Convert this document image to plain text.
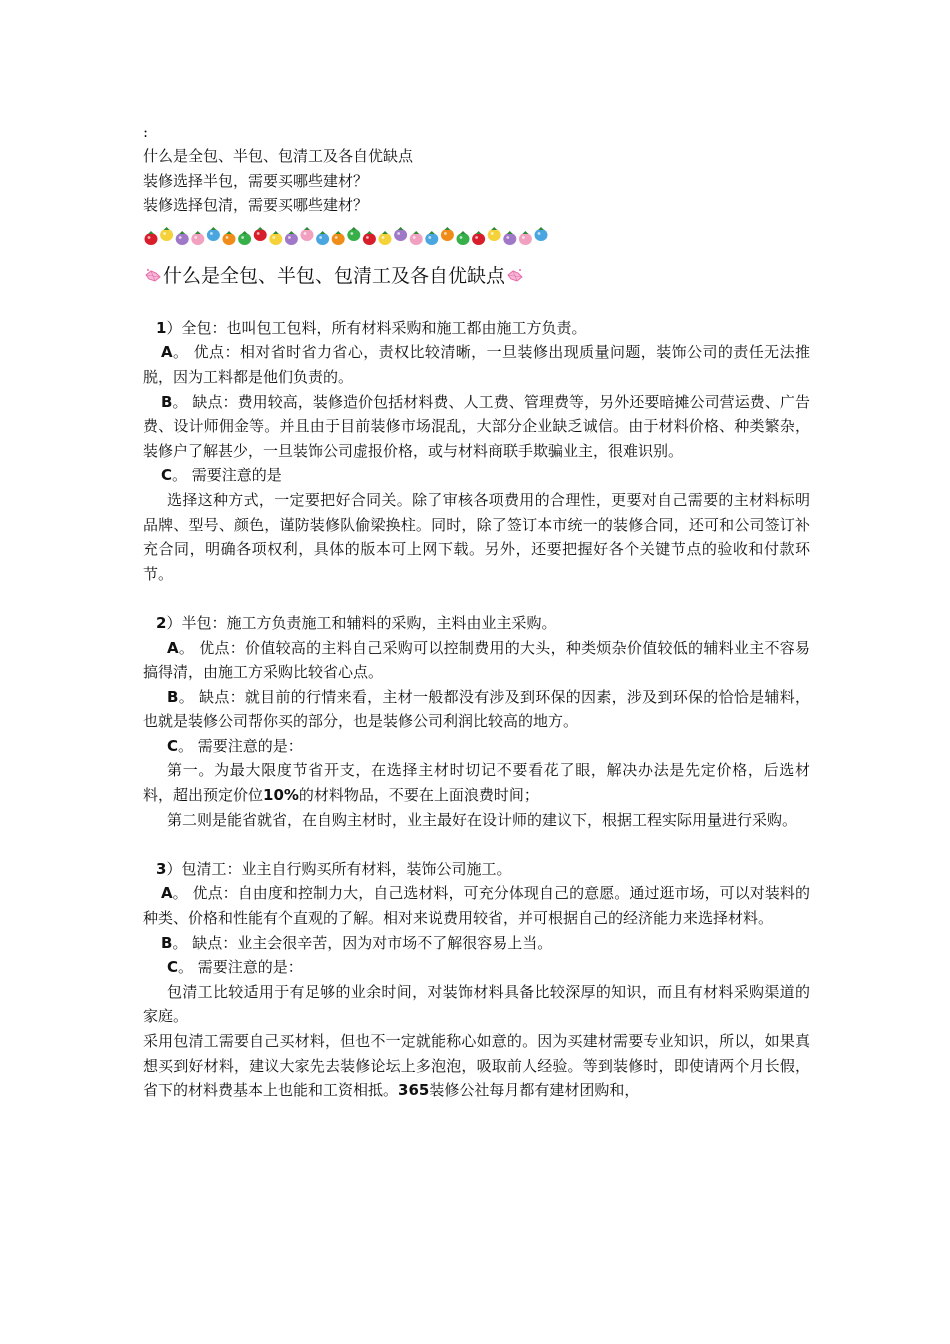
:

什么是全包、半包、包清工及各自优缺点

装修选择半包，需要买哪些建材？

装修选择包清，需要买哪些建材？

什么是全包、半包、包清工及各自优缺点

1）全包：也叫包工包料，所有材料采购和施工都由施工方负责。

A。 优点：相对省时省力省心，责权比较清晰，一旦装修出现质量问题，装饰公司的责任无法推脱，因为工料都是他们负责的。

B。 缺点：费用较高，装修造价包括材料费、人工费、管理费等，另外还要暗摊公司营运费、广告费、设计师佣金等。并且由于目前装修市场混乱，大部分企业缺乏诚信。由于材料价格、种类繁杂，装修户了解甚少，一旦装饰公司虚报价格，或与材料商联手欺骗业主，很难识别。

C。 需要注意的是

选择这种方式，一定要把好合同关。除了审核各项费用的合理性，更要对自己需要的主材料标明品牌、型号、颜色，谨防装修队偷梁换柱。同时，除了签订本市统一的装修合同，还可和公司签订补充合同，明确各项权利，具体的版本可上网下载。另外，还要把握好各个关键节点的验收和付款环节。

2）半包：施工方负责施工和辅料的采购，主料由业主采购。

A。 优点：价值较高的主料自己采购可以控制费用的大头，种类烦杂价值较低的辅料业主不容易搞得清，由施工方采购比较省心点。

B。 缺点：就目前的行情来看，主材一般都没有涉及到环保的因素，涉及到环保的恰恰是辅料，也就是装修公司帮你买的部分，也是装修公司利润比较高的地方。

C。 需要注意的是：

第一。为最大限度节省开支，在选择主材时切记不要看花了眼，解决办法是先定价格，后选材料，超出预定价位10%的材料物品，不要在上面浪费时间；

第二则是能省就省，在自购主材时，业主最好在设计师的建议下，根据工程实际用量进行采购。

3）包清工：业主自行购买所有材料，装饰公司施工。

A。 优点：自由度和控制力大，自己选材料，可充分体现自己的意愿。通过逛市场，可以对装料的种类、价格和性能有个直观的了解。相对来说费用较省，并可根据自己的经济能力来选择材料。

B。 缺点：业主会很辛苦，因为对市场不了解很容易上当。

C。 需要注意的是：

包清工比较适用于有足够的业余时间，对装饰材料具备比较深厚的知识，而且有材料采购渠道的家庭。

采用包清工需要自己买材料，但也不一定就能称心如意的。因为买建材需要专业知识，所以，如果真想买到好材料，建议大家先去装修论坛上多泡泡，吸取前人经验。等到装修时，即使请两个月长假，省下的材料费基本上也能和工资相抵。365装修公社每月都有建材团购和，
